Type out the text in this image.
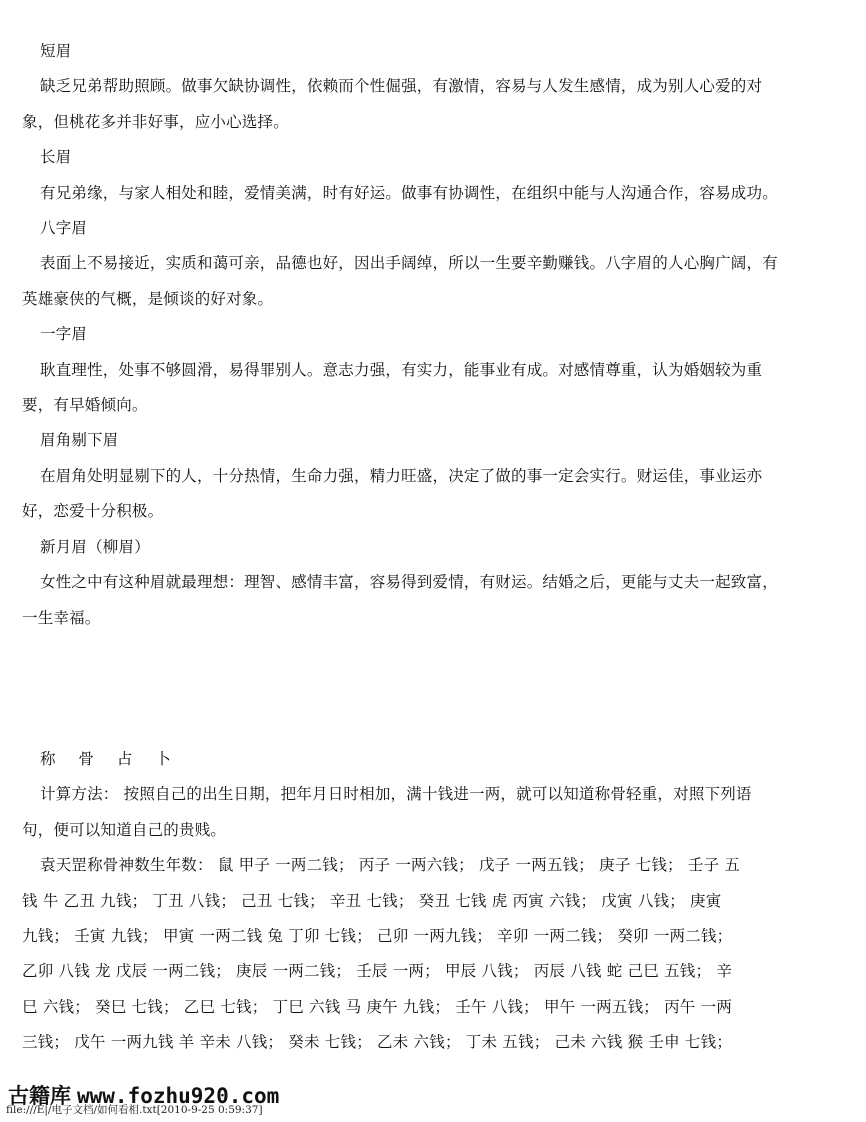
短眉
缺乏兄弟帮助照顾。做事欠缺协调性，依赖而个性倔强，有激情，容易与人发生感情，成为别人心爱的对
象，但桃花多并非好事，应小心选择。
长眉
有兄弟缘，与家人相处和睦，爱情美满，时有好运。做事有协调性，在组织中能与人沟通合作，容易成功。
八字眉
表面上不易接近，实质和蔼可亲，品德也好，因出手阔绰，所以一生要辛勤赚钱。八字眉的人心胸广阔，有
英雄豪侠的气概，是倾谈的好对象。
一字眉
耿直理性，处事不够圆滑，易得罪别人。意志力强，有实力，能事业有成。对感情尊重，认为婚姻较为重
要，有早婚倾向。
眉角剔下眉
在眉角处明显剔下的人，十分热情，生命力强，精力旺盛，决定了做的事一定会实行。财运佳，事业运亦
好，恋爱十分积极。
新月眉（柳眉）
女性之中有这种眉就最理想：理智、感情丰富，容易得到爱情，有财运。结婚之后，更能与丈夫一起致富，
一生幸福。
称 骨 占 卜
计算方法： 按照自己的出生日期，把年月日时相加，满十钱进一两，就可以知道称骨轻重，对照下列语
句，便可以知道自己的贵贱。
袁天罡称骨神数生年数： 鼠 甲子 一两二钱； 丙子 一两六钱； 戊子 一两五钱； 庚子 七钱； 壬子 五
钱 牛 乙丑 九钱； 丁丑 八钱； 己丑 七钱； 辛丑 七钱； 癸丑 七钱 虎 丙寅 六钱； 戊寅 八钱； 庚寅
九钱； 壬寅 九钱； 甲寅 一两二钱 兔 丁卯 七钱； 己卯 一两九钱； 辛卯 一两二钱； 癸卯 一两二钱；
乙卯 八钱 龙 戊辰 一两二钱； 庚辰 一两二钱； 壬辰 一两； 甲辰 八钱； 丙辰 八钱 蛇 己巳 五钱； 辛
巳 六钱； 癸巳 七钱； 乙巳 七钱； 丁巳 六钱 马 庚午 九钱； 壬午 八钱； 甲午 一两五钱； 丙午 一两
三钱； 戊午 一两九钱 羊 辛未 八钱； 癸未 七钱； 乙未 六钱； 丁未 五钱； 己未 六钱 猴 壬申 七钱；
古籍库 www.fozhu920.com
file:///E|/电子文档/如何看相.txt[2010-9-25 0:59:37]
